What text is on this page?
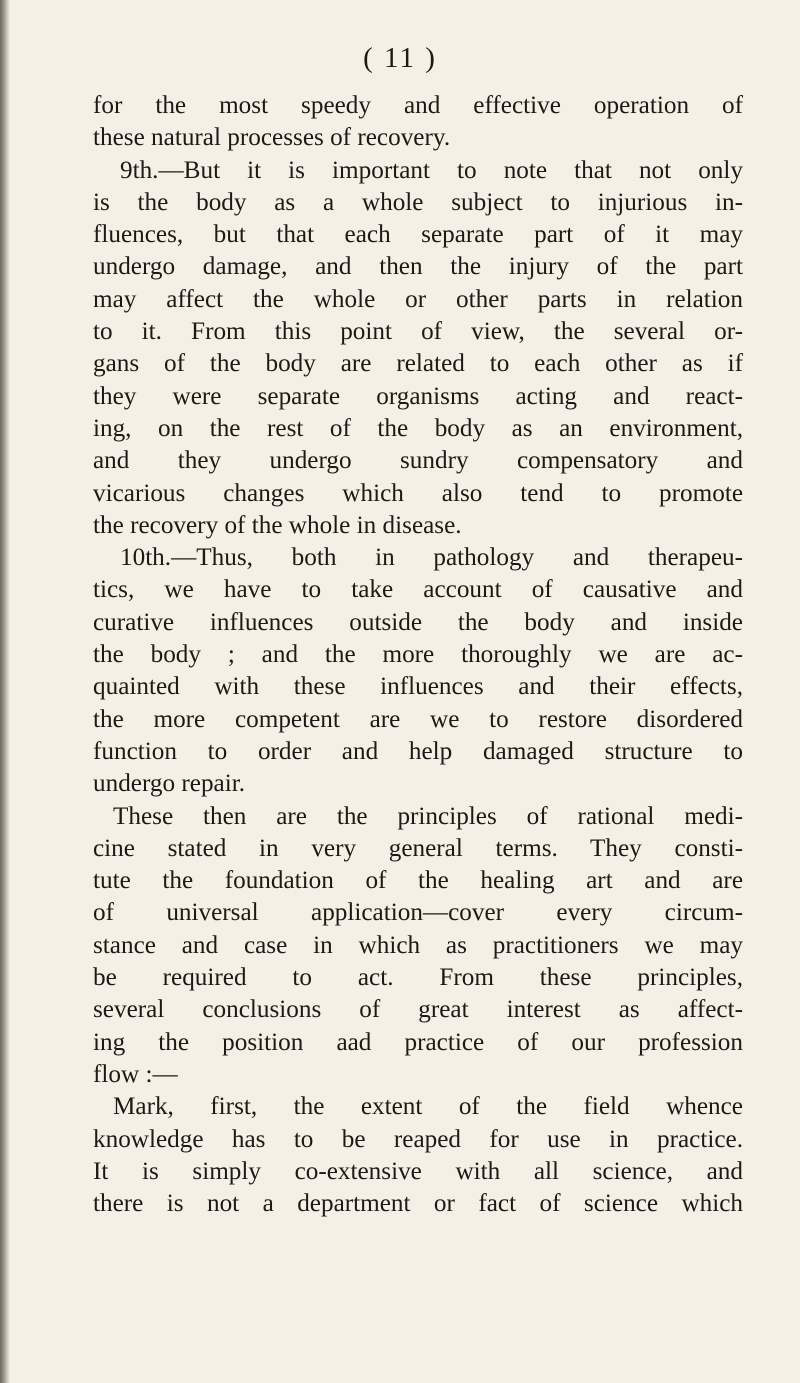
( 11 )
for the most speedy and effective operation of
these natural processes of recovery.
9th.—But it is important to note that not only
is the body as a whole subject to injurious in-
fluences, but that each separate part of it may
undergo damage, and then the injury of the part
may affect the whole or other parts in relation
to it. From this point of view, the several or-
gans of the body are related to each other as if
they were separate organisms acting and react-
ing, on the rest of the body as an environment,
and they undergo sundry compensatory and
vicarious changes which also tend to promote
the recovery of the whole in disease.
10th.—Thus, both in pathology and therapeu-
tics, we have to take account of causative and
curative influences outside the body and inside
the body ; and the more thoroughly we are ac-
quainted with these influences and their effects,
the more competent are we to restore disordered
function to order and help damaged structure to
undergo repair.
These then are the principles of rational medi-
cine stated in very general terms. They consti-
tute the foundation of the healing art and are
of universal application—cover every circum-
stance and case in which as practitioners we may
be required to act. From these principles,
several conclusions of great interest as affect-
ing the position aad practice of our profession
flow :—
Mark, first, the extent of the field whence
knowledge has to be reaped for use in practice.
It is simply co-extensive with all science, and
there is not a department or fact of science which
